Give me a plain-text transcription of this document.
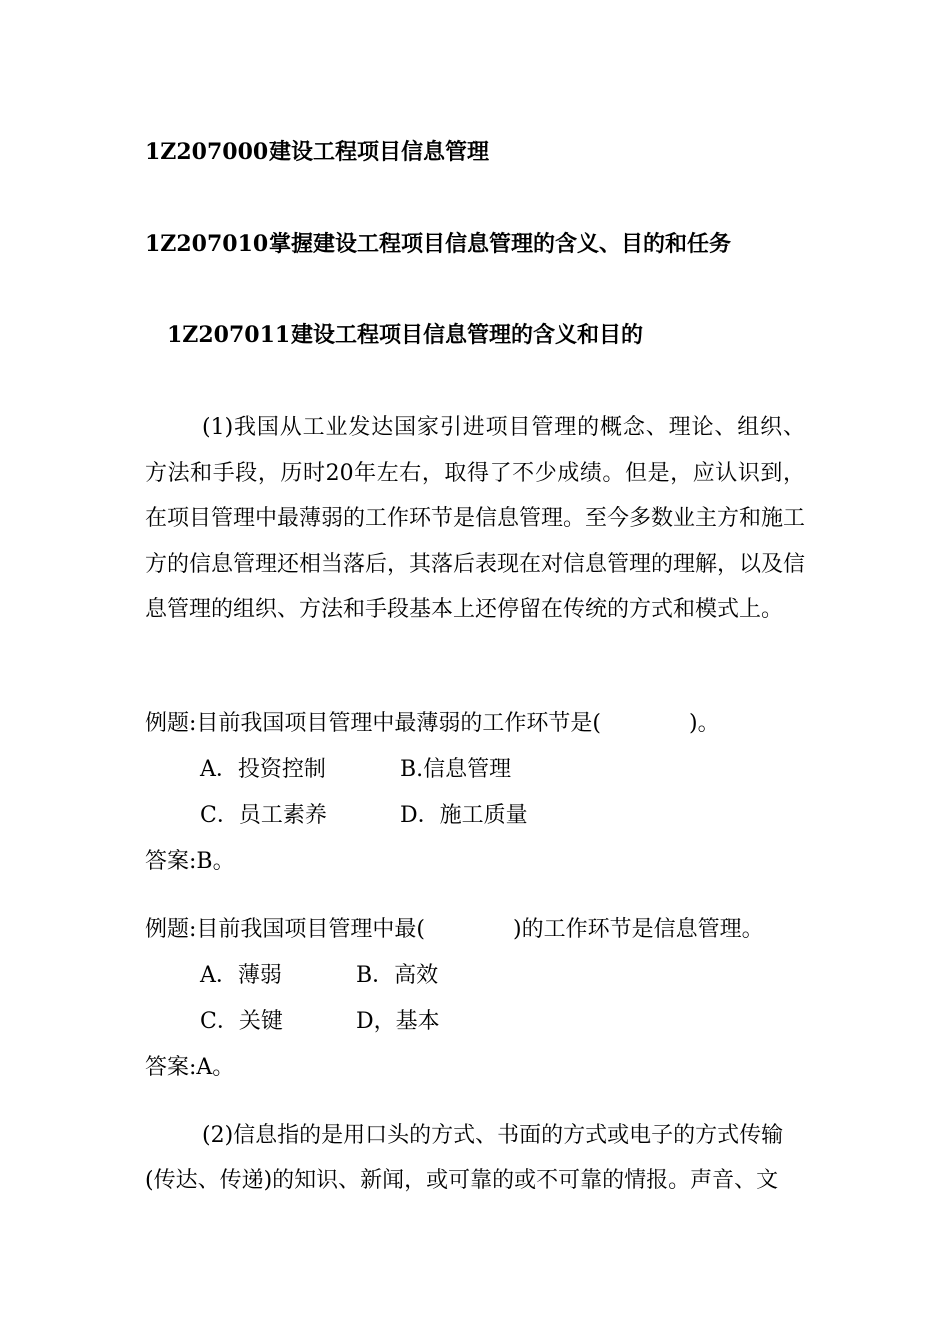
1Z207000建设工程项目信息管理
1Z207010掌握建设工程项目信息管理的含义、目的和任务
1Z207011建设工程项目信息管理的含义和目的
(1)我国从工业发达国家引进项目管理的概念、理论、组织、方法和手段，历时20年左右，取得了不少成绩。但是，应认识到，在项目管理中最薄弱的工作环节是信息管理。至今多数业主方和施工方的信息管理还相当落后，其落后表现在对信息管理的理解，以及信息管理的组织、方法和手段基本上还停留在传统的方式和模式上。
例题:目前我国项目管理中最薄弱的工作环节是(　　　　)。
A．投资控制	B.信息管理
C．员工素养	D．施工质量
答案:B。
例题:目前我国项目管理中最(　　　　)的工作环节是信息管理。
A．薄弱	B．高效
C．关键	D，基本
答案:A。
(2)信息指的是用口头的方式、书面的方式或电子的方式传输
(传达、传递)的知识、新闻，或可靠的或不可靠的情报。声音、文
